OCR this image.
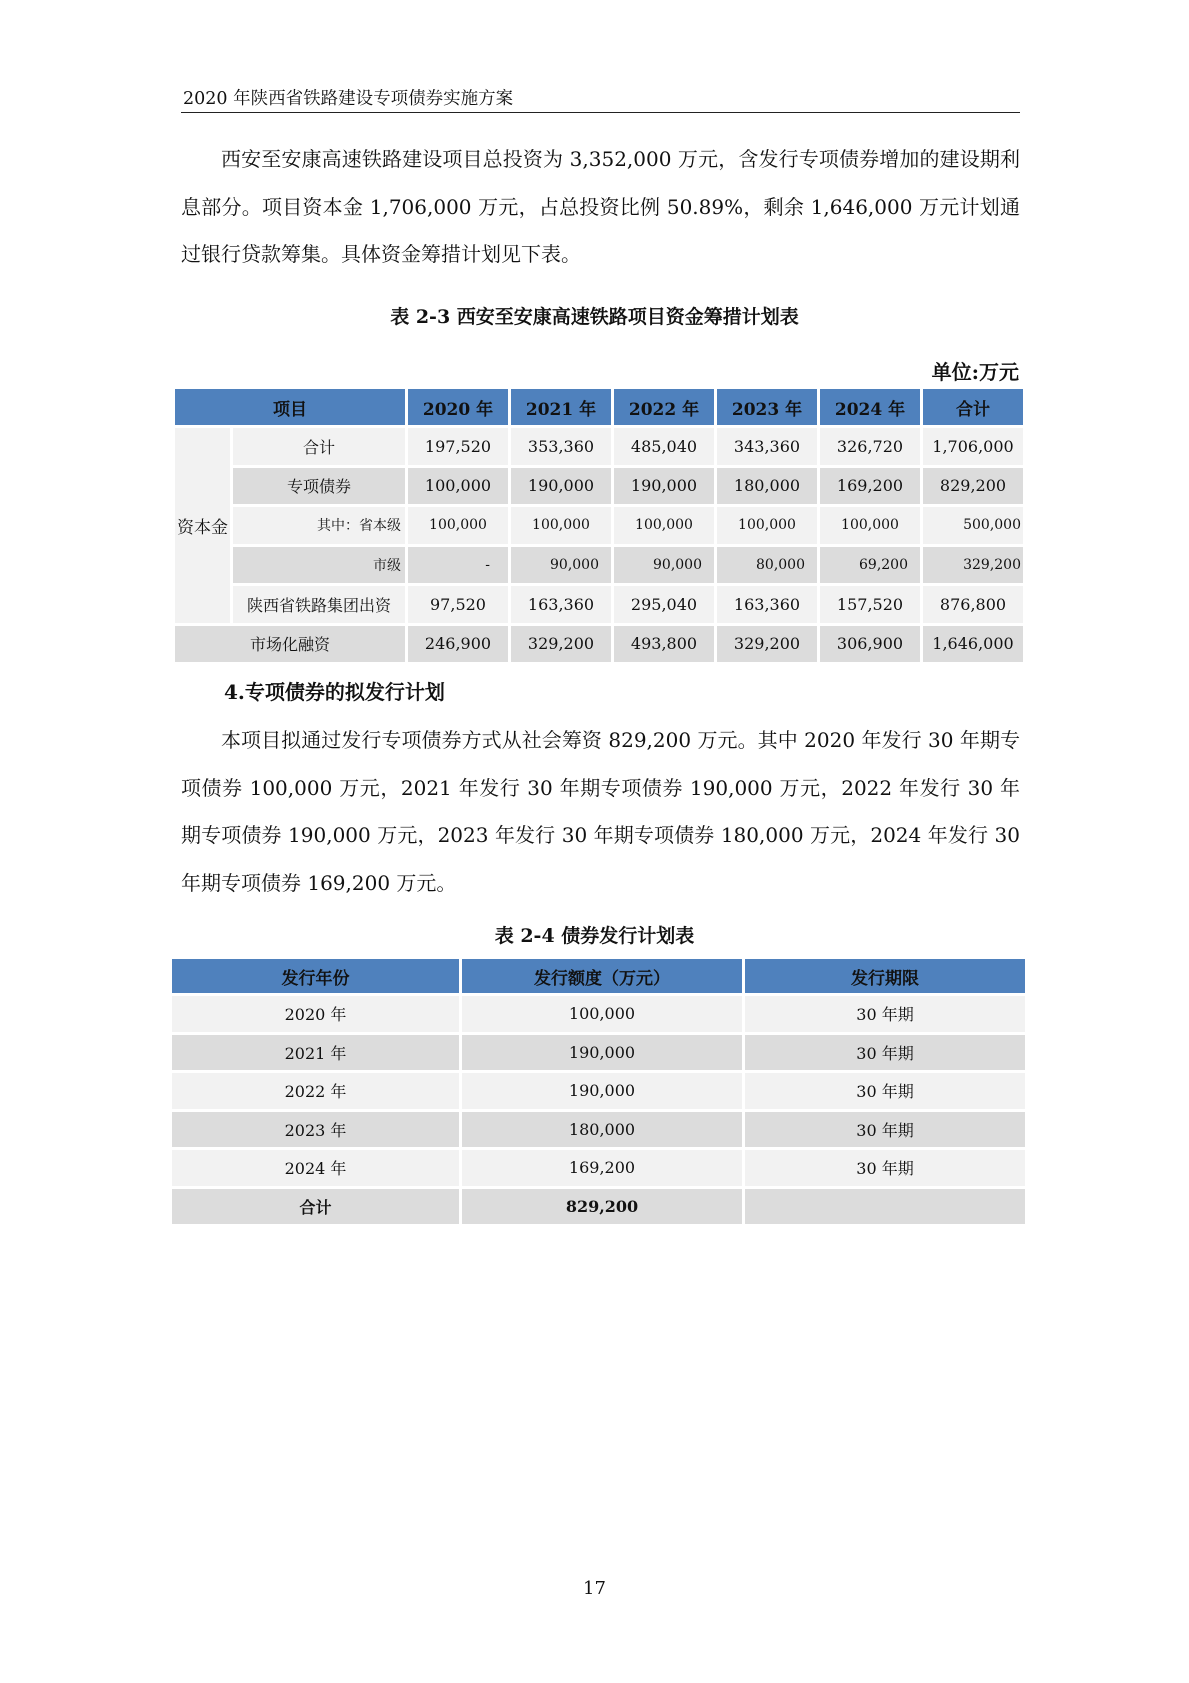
2020 年陕西省铁路建设专项债券实施方案

西安至安康高速铁路建设项目总投资为 3,352,000 万元，含发行专项债券增加的建设期利息部分。项目资本金 1,706,000 万元，占总投资比例 50.89%，剩余 1,646,000 万元计划通过银行贷款筹集。具体资金筹措计划见下表。

表 2-3 西安至安康高速铁路项目资金筹措计划表

单位:万元
项目		2020 年	2021 年	2022 年	2023 年	2024 年	合计
资本金	合计	197,520	353,360	485,040	343,360	326,720	1,706,000
	专项债券	100,000	190,000	190,000	180,000	169,200	829,200
	其中：省本级	100,000	100,000	100,000	100,000	100,000	500,000
	市级	-	90,000	90,000	80,000	69,200	329,200
	陕西省铁路集团出资	97,520	163,360	295,040	163,360	157,520	876,800
市场化融资		246,900	329,200	493,800	329,200	306,900	1,646,000

4.专项债券的拟发行计划

本项目拟通过发行专项债券方式从社会筹资 829,200 万元。其中 2020 年发行 30 年期专项债券 100,000 万元，2021 年发行 30 年期专项债券 190,000 万元，2022 年发行 30 年期专项债券 190,000 万元，2023 年发行 30 年期专项债券 180,000 万元，2024 年发行 30 年期专项债券 169,200 万元。

表 2-4 债券发行计划表

发行年份	发行额度（万元）	发行期限
2020 年	100,000	30 年期
2021 年	190,000	30 年期
2022 年	190,000	30 年期
2023 年	180,000	30 年期
2024 年	169,200	30 年期
合计	829,200	
17
